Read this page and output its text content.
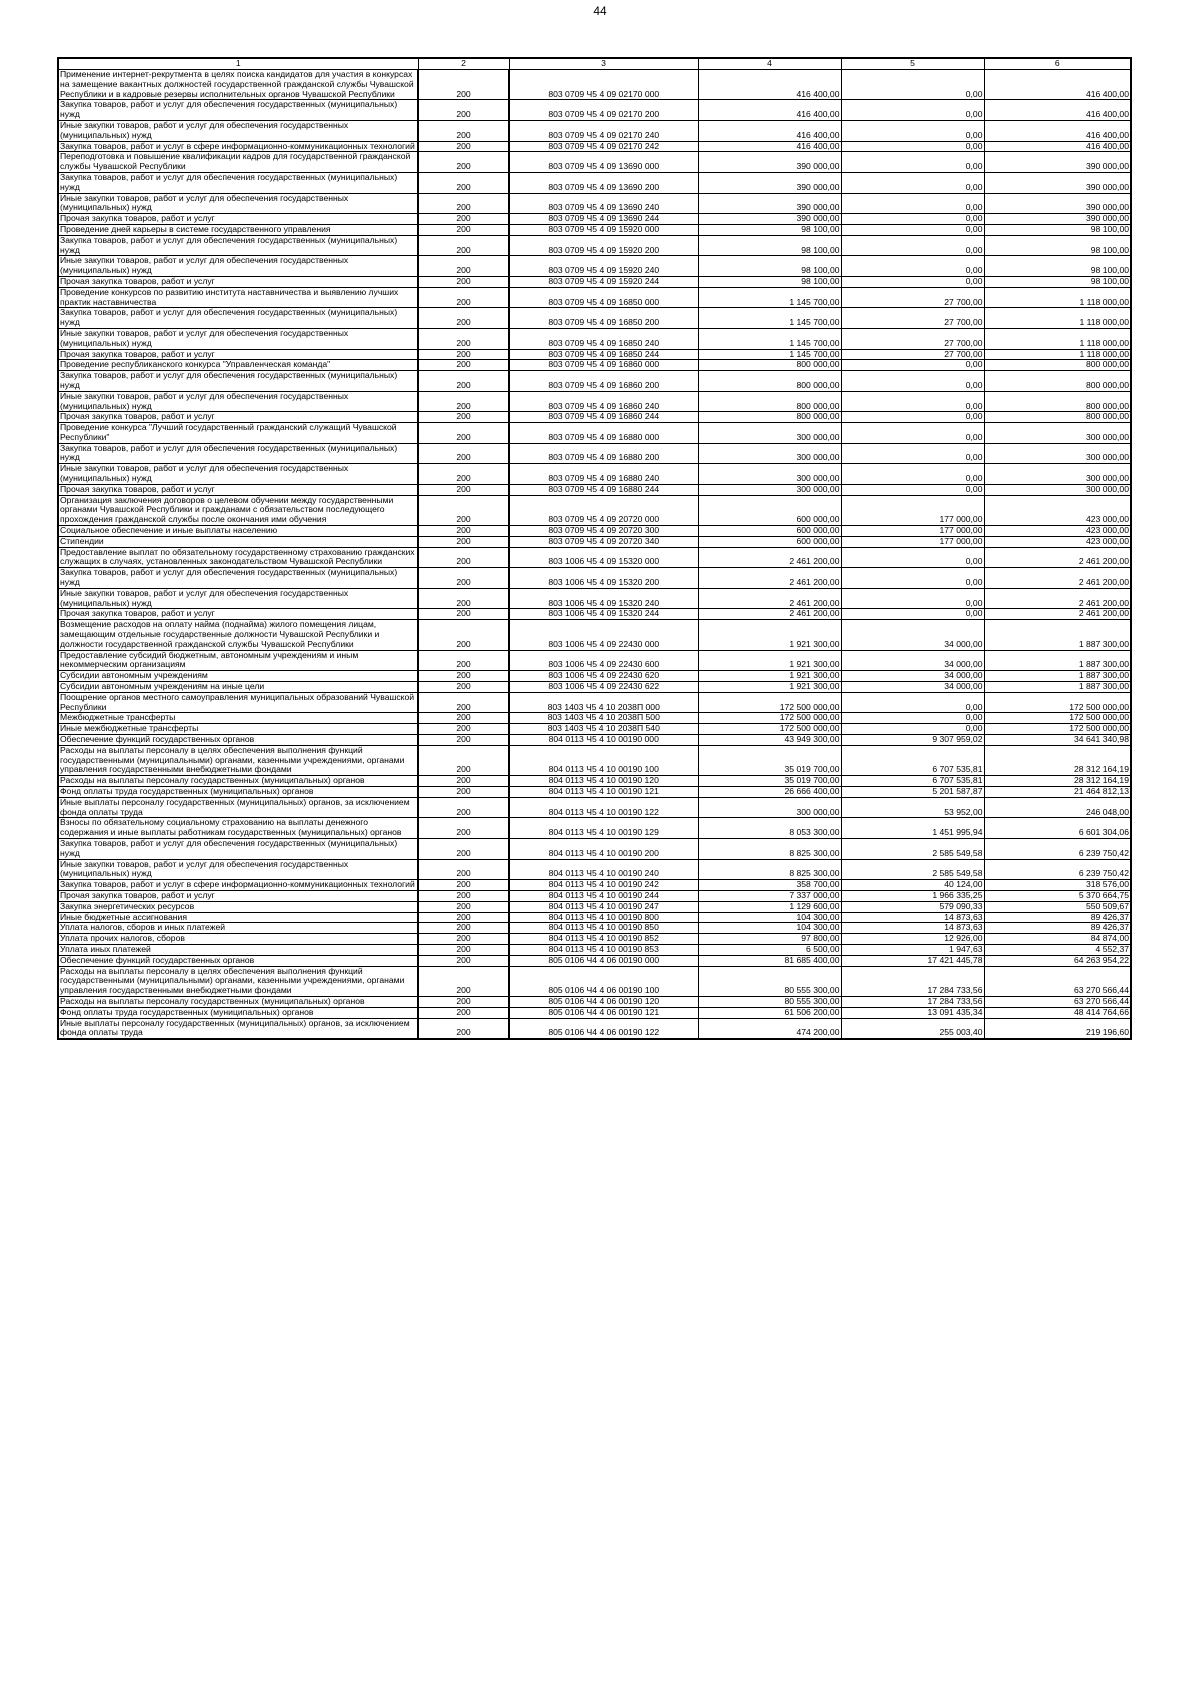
44
1	2	3	4	5	6
Применение интернет-рекрутмента в целях поиска кандидатов для участия в конкурсах на замещение вакантных должностей государственной гражданской службы Чувашской Республики и в кадровые резервы исполнительных органов Чувашской Республики	200	803 0709 Ч5 4 09 02170 000	416 400,00	0,00	416 400,00
Закупка товаров, работ и услуг для обеспечения государственных (муниципальных) нужд	200	803 0709 Ч5 4 09 02170 200	416 400,00	0,00	416 400,00
Иные закупки товаров, работ и услуг для обеспечения государственных (муниципальных) нужд	200	803 0709 Ч5 4 09 02170 240	416 400,00	0,00	416 400,00
Закупка товаров, работ и услуг в сфере информационно-коммуникационных технологий	200	803 0709 Ч5 4 09 02170 242	416 400,00	0,00	416 400,00
Переподготовка и повышение квалификации кадров для государственной гражданской службы Чувашской Республики	200	803 0709 Ч5 4 09 13690 000	390 000,00	0,00	390 000,00
Закупка товаров, работ и услуг для обеспечения государственных (муниципальных) нужд	200	803 0709 Ч5 4 09 13690 200	390 000,00	0,00	390 000,00
Иные закупки товаров, работ и услуг для обеспечения государственных (муниципальных) нужд	200	803 0709 Ч5 4 09 13690 240	390 000,00	0,00	390 000,00
Прочая закупка товаров, работ и услуг	200	803 0709 Ч5 4 09 13690 244	390 000,00	0,00	390 000,00
Проведение дней карьеры в системе государственного управления	200	803 0709 Ч5 4 09 15920 000	98 100,00	0,00	98 100,00
Закупка товаров, работ и услуг для обеспечения государственных (муниципальных) нужд	200	803 0709 Ч5 4 09 15920 200	98 100,00	0,00	98 100,00
Иные закупки товаров, работ и услуг для обеспечения государственных (муниципальных) нужд	200	803 0709 Ч5 4 09 15920 240	98 100,00	0,00	98 100,00
Прочая закупка товаров, работ и услуг	200	803 0709 Ч5 4 09 15920 244	98 100,00	0,00	98 100,00
Проведение конкурсов по развитию института наставничества и выявлению лучших практик наставничества	200	803 0709 Ч5 4 09 16850 000	1 145 700,00	27 700,00	1 118 000,00
Закупка товаров, работ и услуг для обеспечения государственных (муниципальных) нужд	200	803 0709 Ч5 4 09 16850 200	1 145 700,00	27 700,00	1 118 000,00
Иные закупки товаров, работ и услуг для обеспечения государственных (муниципальных) нужд	200	803 0709 Ч5 4 09 16850 240	1 145 700,00	27 700,00	1 118 000,00
Прочая закупка товаров, работ и услуг	200	803 0709 Ч5 4 09 16850 244	1 145 700,00	27 700,00	1 118 000,00
Проведение республиканского конкурса "Управленческая команда"	200	803 0709 Ч5 4 09 16860 000	800 000,00	0,00	800 000,00
Закупка товаров, работ и услуг для обеспечения государственных (муниципальных) нужд	200	803 0709 Ч5 4 09 16860 200	800 000,00	0,00	800 000,00
Иные закупки товаров, работ и услуг для обеспечения государственных (муниципальных) нужд	200	803 0709 Ч5 4 09 16860 240	800 000,00	0,00	800 000,00
Прочая закупка товаров, работ и услуг	200	803 0709 Ч5 4 09 16860 244	800 000,00	0,00	800 000,00
Проведение конкурса "Лучший государственный гражданский служащий Чувашской Республики"	200	803 0709 Ч5 4 09 16880 000	300 000,00	0,00	300 000,00
Закупка товаров, работ и услуг для обеспечения государственных (муниципальных) нужд	200	803 0709 Ч5 4 09 16880 200	300 000,00	0,00	300 000,00
Иные закупки товаров, работ и услуг для обеспечения государственных (муниципальных) нужд	200	803 0709 Ч5 4 09 16880 240	300 000,00	0,00	300 000,00
Прочая закупка товаров, работ и услуг	200	803 0709 Ч5 4 09 16880 244	300 000,00	0,00	300 000,00
Организация заключения договоров о целевом обучении между государственными органами Чувашской Республики и гражданами с обязательством последующего прохождения гражданской службы после окончания ими обучения	200	803 0709 Ч5 4 09 20720 000	600 000,00	177 000,00	423 000,00
Социальное обеспечение и иные выплаты населению	200	803 0709 Ч5 4 09 20720 300	600 000,00	177 000,00	423 000,00
Стипендии	200	803 0709 Ч5 4 09 20720 340	600 000,00	177 000,00	423 000,00
Предоставление выплат по обязательному государственному страхованию гражданских служащих в случаях, установленных законодательством Чувашской Республики	200	803 1006 Ч5 4 09 15320 000	2 461 200,00	0,00	2 461 200,00
Закупка товаров, работ и услуг для обеспечения государственных (муниципальных) нужд	200	803 1006 Ч5 4 09 15320 200	2 461 200,00	0,00	2 461 200,00
Иные закупки товаров, работ и услуг для обеспечения государственных (муниципальных) нужд	200	803 1006 Ч5 4 09 15320 240	2 461 200,00	0,00	2 461 200,00
Прочая закупка товаров, работ и услуг	200	803 1006 Ч5 4 09 15320 244	2 461 200,00	0,00	2 461 200,00
Возмещение расходов на оплату найма (поднайма) жилого помещения лицам, замещающим отдельные государственные должности Чувашской Республики и должности государственной гражданской службы Чувашской Республики	200	803 1006 Ч5 4 09 22430 000	1 921 300,00	34 000,00	1 887 300,00
Предоставление субсидий бюджетным, автономным учреждениям и иным некоммерческим организациям	200	803 1006 Ч5 4 09 22430 600	1 921 300,00	34 000,00	1 887 300,00
Субсидии автономным учреждениям	200	803 1006 Ч5 4 09 22430 620	1 921 300,00	34 000,00	1 887 300,00
Субсидии автономным учреждениям на иные цели	200	803 1006 Ч5 4 09 22430 622	1 921 300,00	34 000,00	1 887 300,00
Поощрение органов местного самоуправления муниципальных образований Чувашской Республики	200	803 1403 Ч5 4 10 2038П 000	172 500 000,00	0,00	172 500 000,00
Межбюджетные трансферты	200	803 1403 Ч5 4 10 2038П 500	172 500 000,00	0,00	172 500 000,00
Иные межбюджетные трансферты	200	803 1403 Ч5 4 10 2038П 540	172 500 000,00	0,00	172 500 000,00
Обеспечение функций государственных органов	200	804 0113 Ч5 4 10 00190 000	43 949 300,00	9 307 959,02	34 641 340,98
Расходы на выплаты персоналу в целях обеспечения выполнения функций государственными (муниципальными) органами, казенными учреждениями, органами управления государственными внебюджетными фондами	200	804 0113 Ч5 4 10 00190 100	35 019 700,00	6 707 535,81	28 312 164,19
Расходы на выплаты персоналу государственных (муниципальных) органов	200	804 0113 Ч5 4 10 00190 120	35 019 700,00	6 707 535,81	28 312 164,19
Фонд оплаты труда государственных (муниципальных) органов	200	804 0113 Ч5 4 10 00190 121	26 666 400,00	5 201 587,87	21 464 812,13
Иные выплаты персоналу государственных (муниципальных) органов, за исключением фонда оплаты труда	200	804 0113 Ч5 4 10 00190 122	300 000,00	53 952,00	246 048,00
Взносы по обязательному социальному страхованию на выплаты денежного содержания и иные выплаты работникам государственных (муниципальных) органов	200	804 0113 Ч5 4 10 00190 129	8 053 300,00	1 451 995,94	6 601 304,06
Закупка товаров, работ и услуг для обеспечения государственных (муниципальных) нужд	200	804 0113 Ч5 4 10 00190 200	8 825 300,00	2 585 549,58	6 239 750,42
Иные закупки товаров, работ и услуг для обеспечения государственных (муниципальных) нужд	200	804 0113 Ч5 4 10 00190 240	8 825 300,00	2 585 549,58	6 239 750,42
Закупка товаров, работ и услуг в сфере информационно-коммуникационных технологий	200	804 0113 Ч5 4 10 00190 242	358 700,00	40 124,00	318 576,00
Прочая закупка товаров, работ и услуг	200	804 0113 Ч5 4 10 00190 244	7 337 000,00	1 966 335,25	5 370 664,75
Закупка энергетических ресурсов	200	804 0113 Ч5 4 10 00190 247	1 129 600,00	579 090,33	550 509,67
Иные бюджетные ассигнования	200	804 0113 Ч5 4 10 00190 800	104 300,00	14 873,63	89 426,37
Уплата налогов, сборов и иных платежей	200	804 0113 Ч5 4 10 00190 850	104 300,00	14 873,63	89 426,37
Уплата прочих налогов, сборов	200	804 0113 Ч5 4 10 00190 852	97 800,00	12 926,00	84 874,00
Уплата иных платежей	200	804 0113 Ч5 4 10 00190 853	6 500,00	1 947,63	4 552,37
Обеспечение функций государственных органов	200	805 0106 Ч4 4 06 00190 000	81 685 400,00	17 421 445,78	64 263 954,22
Расходы на выплаты персоналу в целях обеспечения выполнения функций государственными (муниципальными) органами, казенными учреждениями, органами управления государственными внебюджетными фондами	200	805 0106 Ч4 4 06 00190 100	80 555 300,00	17 284 733,56	63 270 566,44
Расходы на выплаты персоналу государственных (муниципальных) органов	200	805 0106 Ч4 4 06 00190 120	80 555 300,00	17 284 733,56	63 270 566,44
Фонд оплаты труда государственных (муниципальных) органов	200	805 0106 Ч4 4 06 00190 121	61 506 200,00	13 091 435,34	48 414 764,66
Иные выплаты персоналу государственных (муниципальных) органов, за исключением фонда оплаты труда	200	805 0106 Ч4 4 06 00190 122	474 200,00	255 003,40	219 196,60
